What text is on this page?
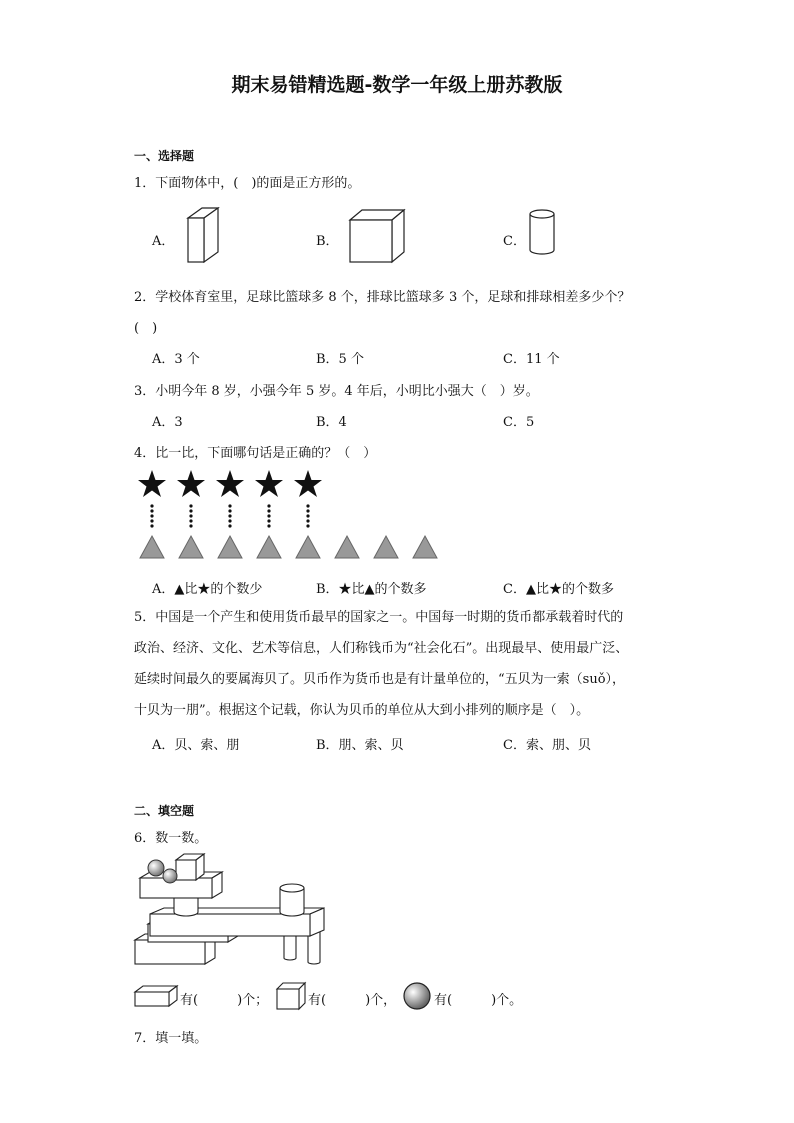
期末易错精选题-数学一年级上册苏教版
一、选择题
1．下面物体中，(　)的面是正方形的。
A．	B．	C．
2．学校体育室里，足球比篮球多 8 个，排球比篮球多 3 个，足球和排球相差多少个？
(　)
A．3 个	B．5 个	C．11 个
3．小明今年 8 岁，小强今年 5 岁。4 年后，小明比小强大（　）岁。
A．3	B．4	C．5
4．比一比，下面哪句话是正确的？（　）
A．▲比★的个数少	B．★比▲的个数多	C．▲比★的个数多
5．中国是一个产生和使用货币最早的国家之一。中国每一时期的货币都承载着时代的
政治、经济、文化、艺术等信息，人们称钱币为“社会化石”。出现最早、使用最广泛、
延续时间最久的要属海贝了。贝币作为货币也是有计量单位的，“五贝为一索（suǒ），
十贝为一朋”。根据这个记载，你认为贝币的单位从大到小排列的顺序是（　）。
A．贝、索、朋	B．朋、索、贝	C．索、朋、贝
二、填空题
6．数一数。
有(　　　)个；	有(　　　)个，	有(　　　)个。
7．填一填。
